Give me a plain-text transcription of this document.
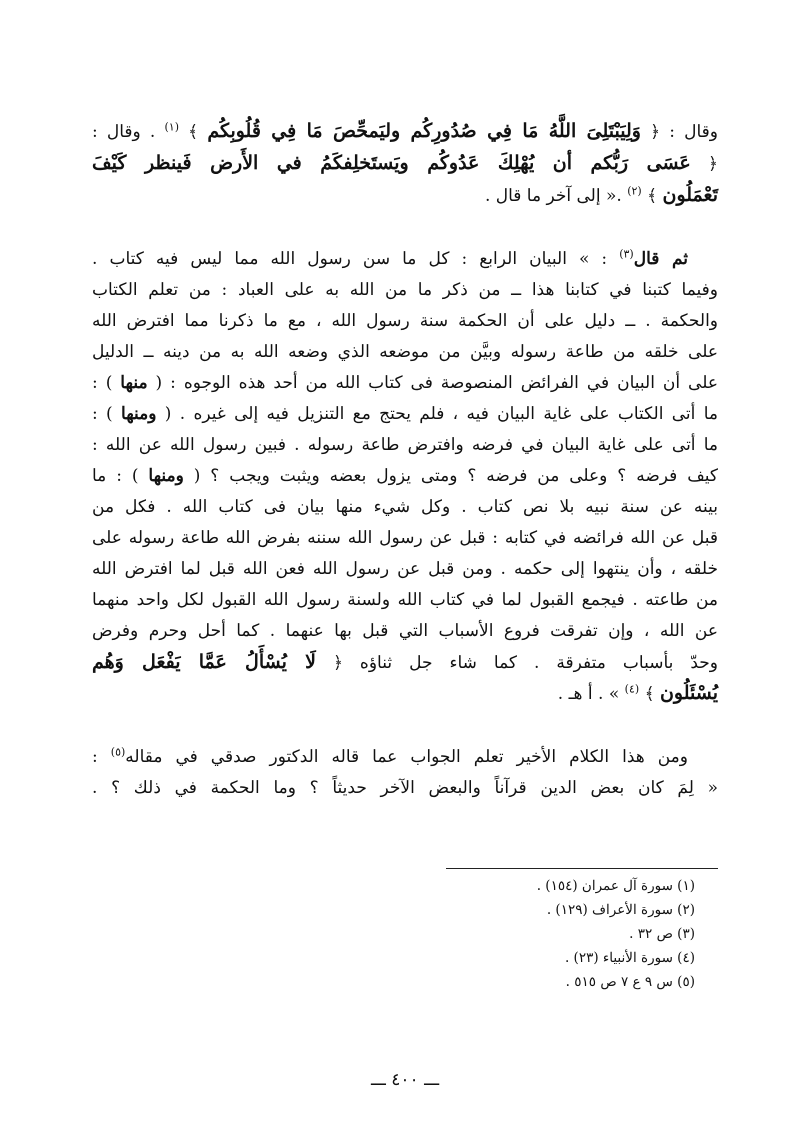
وقال : ﴿ وَلِيَبْتَلِىَ اللَّهُ مَا فِي صُدُورِكُم وليَمحِّصَ مَا فِي قُلُوبِكُم ﴾ $^{(١)}$ . وقال :
﴿ عَسَى رَبُّكم أن يُهْلِكَ عَدُوكُم ويَستَخلِفكَمُ في الأَرض فَينظر كَيْفَ
تَعْمَلُون ﴾ $^{(٢)}$ .« إلى آخر ما قال .
ثم قال$^{(٣)}$ : » البيان الرابع : كل ما سن رسول الله مما ليس فيه كتاب .
وفيما كتبنا في كتابنا هذا ــ من ذكر ما من الله به على العباد : من تعلم الكتاب
والحكمة . ــ دليل على أن الحكمة سنة رسول الله ، مع ما ذكرنا مما افترض الله
على خلقه من طاعة رسوله وبيَّن من موضعه الذي وضعه الله به من دينه ــ الدليل
على أن البيان في الفرائض المنصوصة فى كتاب الله من أحد هذه الوجوه : ( منها ) :
ما أتى الكتاب على غاية البيان فيه ، فلم يحتج مع التنزيل فيه إلى غيره . ( ومنها ) :
ما أتى على غاية البيان في فرضه وافترض طاعة رسوله . فبين رسول الله عن الله :
كيف فرضه ؟ وعلى من فرضه ؟ ومتى يزول بعضه ويثبت ويجب ؟ ( ومنها ) : ما
بينه عن سنة نبيه بلا نص كتاب . وكل شيء منها بيان فى كتاب الله . فكل من
قبل عن الله فرائضه في كتابه : قبل عن رسول الله سننه بفرض الله طاعة رسوله على
خلقه ، وأن ينتهوا إلى حكمه . ومن قبل عن رسول الله فعن الله قبل لما افترض الله
من طاعته . فيجمع القبول لما في كتاب الله ولسنة رسول الله القبول لكل واحد منهما
عن الله ، وإن تفرقت فروع الأسباب التي قبل بها عنهما . كما أحل وحرم وفرض
وحدّ بأسباب متفرقة . كما شاء جل ثناؤه ﴿ لَا يُسْأَلُ عَمَّا يَفْعَل وَهُم
يُسْئَلُون ﴾ $^{(٤)}$ » . أ هـ .
ومن هذا الكلام الأخير تعلم الجواب عما قاله الدكتور صدقي في مقاله$^{(٥)}$ :
« لِمَ كان بعض الدين قرآناً والبعض الآخر حديثاً ؟ وما الحكمة في ذلك ؟ .
(١) سورة آل عمران (١٥٤) .
(٢) سورة الأعراف (١٢٩) .
(٣) ص ٣٢ .
(٤) سورة الأنبياء (٢٣) .
(٥) س ٩ ع ٧ ص ٥١٥ .
ـــ ٤٠٠ ـــ
